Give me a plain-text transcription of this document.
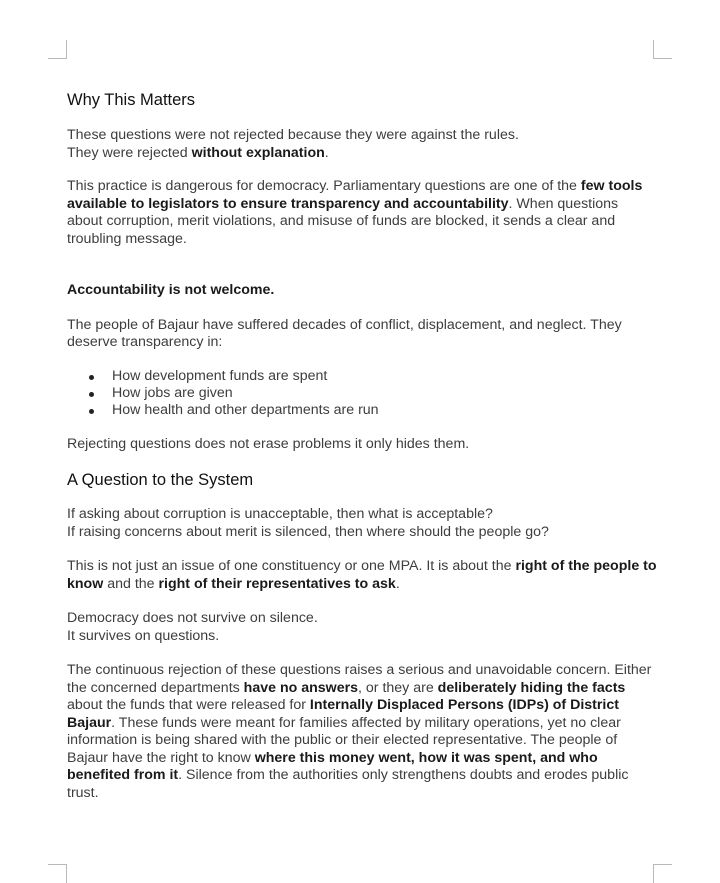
Why This Matters

These questions were not rejected because they were against the rules.
They were rejected without explanation.

This practice is dangerous for democracy. Parliamentary questions are one of the few tools available to legislators to ensure transparency and accountability. When questions about corruption, merit violations, and misuse of funds are blocked, it sends a clear and troubling message.

Accountability is not welcome.

The people of Bajaur have suffered decades of conflict, displacement, and neglect. They deserve transparency in:

How development funds are spent
How jobs are given
How health and other departments are run

Rejecting questions does not erase problems it only hides them.

A Question to the System

If asking about corruption is unacceptable, then what is acceptable?
If raising concerns about merit is silenced, then where should the people go?

This is not just an issue of one constituency or one MPA. It is about the right of the people to know and the right of their representatives to ask.

Democracy does not survive on silence.
It survives on questions.

The continuous rejection of these questions raises a serious and unavoidable concern. Either the concerned departments have no answers, or they are deliberately hiding the facts about the funds that were released for Internally Displaced Persons (IDPs) of District Bajaur. These funds were meant for families affected by military operations, yet no clear information is being shared with the public or their elected representative. The people of Bajaur have the right to know where this money went, how it was spent, and who benefited from it. Silence from the authorities only strengthens doubts and erodes public trust.
